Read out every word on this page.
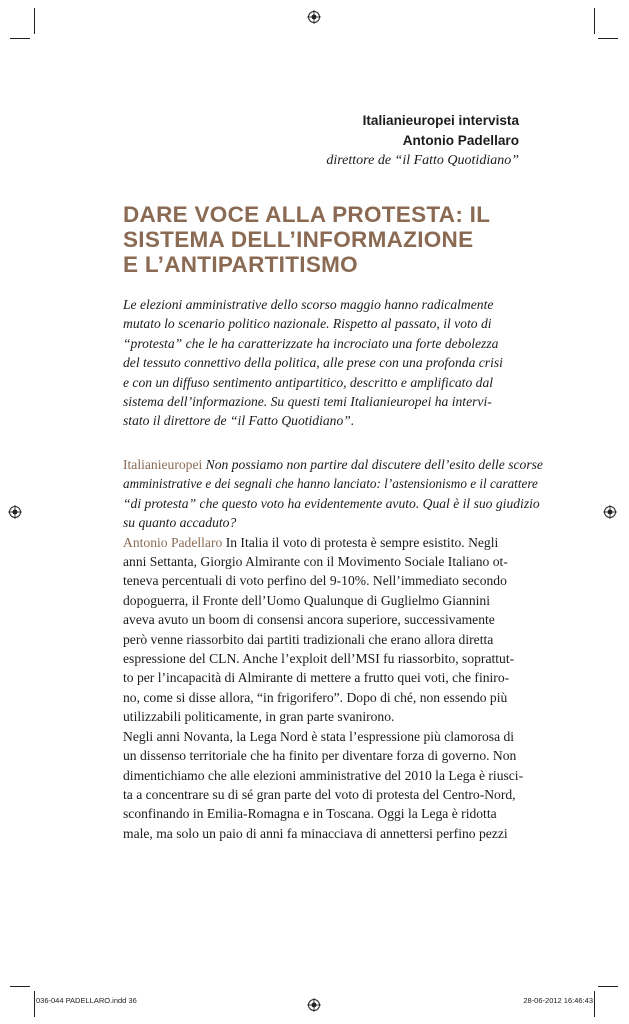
Italianieuropei intervista
Antonio Padellaro
direttore de “il Fatto Quotidiano”
DARE VOCE ALLA PROTESTA: IL
SISTEMA DELL’INFORMAZIONE
E L’ANTIPARTITISMO
Le elezioni amministrative dello scorso maggio hanno radicalmente
mutato lo scenario politico nazionale. Rispetto al passato, il voto di
“protesta” che le ha caratterizzate ha incrociato una forte debolezza
del tessuto connettivo della politica, alle prese con una profonda crisi
e con un diffuso sentimento antipartitico, descritto e amplificato dal
sistema dell’informazione. Su questi temi Italianieuropei ha intervi-
stato il direttore de “il Fatto Quotidiano”.
Italianieuropei Non possiamo non partire dal discutere dell’esito delle scorse
amministrative e dei segnali che hanno lanciato: l’astensionismo e il carattere
“di protesta” che questo voto ha evidentemente avuto. Qual è il suo giudizio
su quanto accaduto?
Antonio Padellaro In Italia il voto di protesta è sempre esistito. Negli
anni Settanta, Giorgio Almirante con il Movimento Sociale Italiano ot-
teneva percentuali di voto perfino del 9-10%. Nell’immediato secondo
dopoguerra, il Fronte dell’Uomo Qualunque di Guglielmo Giannini
aveva avuto un boom di consensi ancora superiore, successivamente
però venne riassorbito dai partiti tradizionali che erano allora diretta
espressione del CLN. Anche l’exploit dell’MSI fu riassorbito, soprattut-
to per l’incapacità di Almirante di mettere a frutto quei voti, che finiro-
no, come si disse allora, “in frigorifero”. Dopo di ché, non essendo più
utilizzabili politicamente, in gran parte svanirono.
Negli anni Novanta, la Lega Nord è stata l’espressione più clamorosa di
un dissenso territoriale che ha finito per diventare forza di governo. Non
dimentichiamo che alle elezioni amministrative del 2010 la Lega è riusci-
ta a concentrare su di sé gran parte del voto di protesta del Centro-Nord,
sconfinando in Emilia-Romagna e in Toscana. Oggi la Lega è ridotta
male, ma solo un paio di anni fa minacciava di annettersi perfino pezzi
036-044 PADELLARO.indd 36	28-06-2012 16:46:43
